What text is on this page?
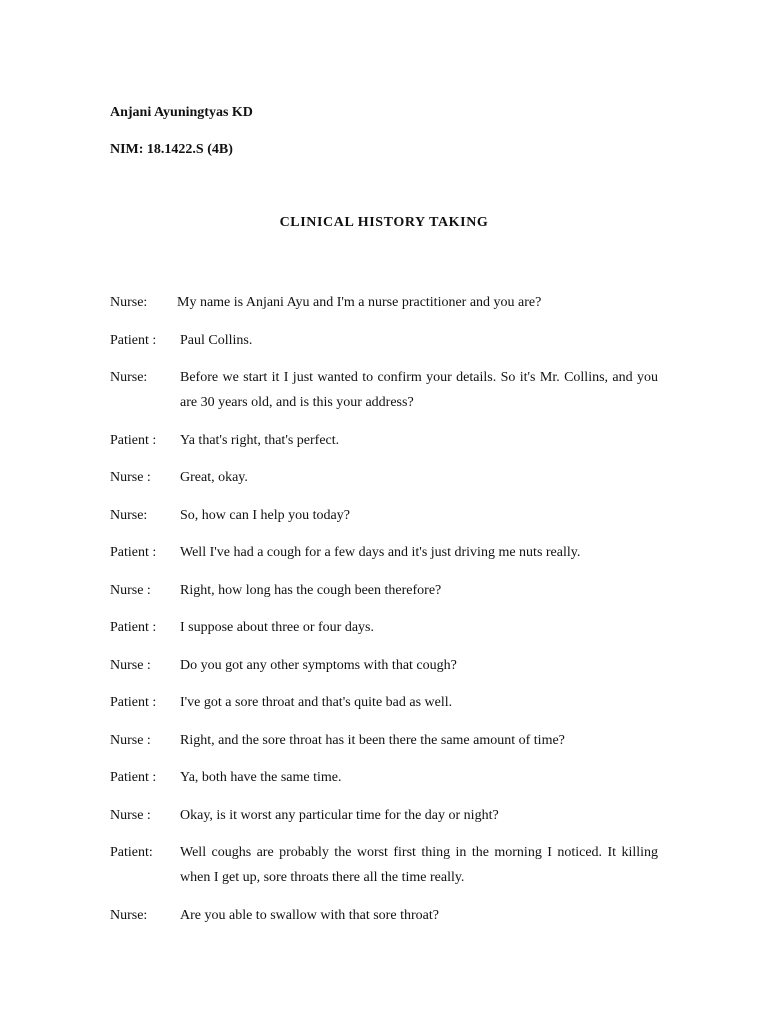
Anjani Ayuningtyas KD
NIM: 18.1422.S (4B)
CLINICAL HISTORY TAKING
Nurse: My name is Anjani Ayu and I'm a nurse practitioner and you are?
Patient : Paul Collins.
Nurse: Before we start it I just wanted to confirm your details. So it's Mr. Collins, and you are 30 years old, and is this your address?
Patient : Ya that's right, that's perfect.
Nurse : Great, okay.
Nurse: So, how can I help you today?
Patient : Well I've had a cough for a few days and it's just driving me nuts really.
Nurse : Right, how long has the cough been therefore?
Patient : I suppose about three or four days.
Nurse : Do you got any other symptoms with that cough?
Patient : I've got a sore throat and that's quite bad as well.
Nurse : Right, and the sore throat has it been there the same amount of time?
Patient : Ya, both have the same time.
Nurse : Okay, is it worst any particular time for the day or night?
Patient: Well coughs are probably the worst first thing in the morning I noticed. It killing when I get up, sore throats there all the time really.
Nurse: Are you able to swallow with that sore throat?
